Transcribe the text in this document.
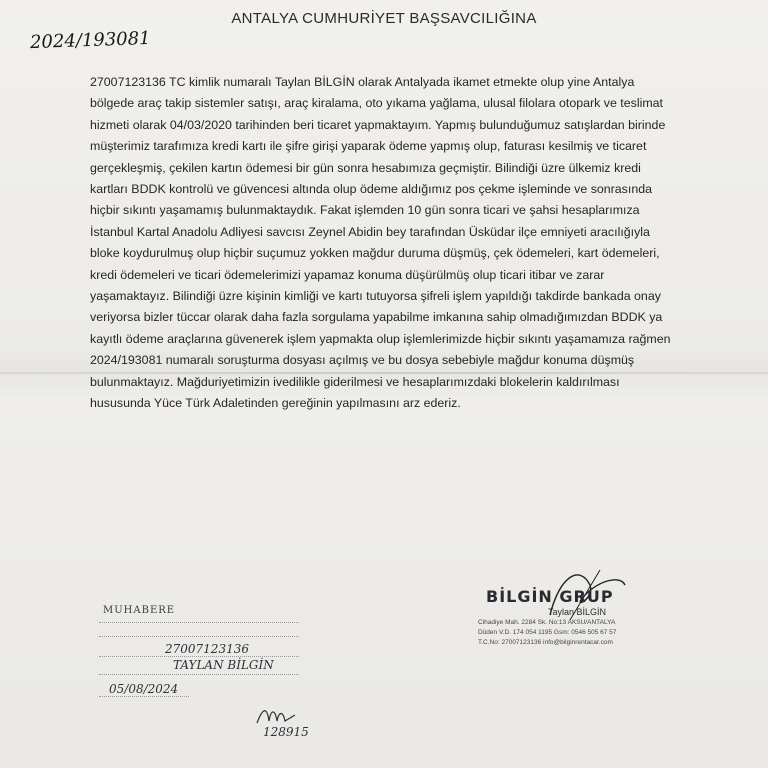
ANTALYA CUMHURİYET BAŞSAVCILIĞINA
2024/193081

27007123136 TC kimlik numaralı Taylan BİLGİN olarak Antalyada ikamet etmekte olup yine Antalya bölgede araç takip sistemler satışı, araç kiralama, oto yıkama yağlama, ulusal filolara otopark ve teslimat hizmeti olarak 04/03/2020 tarihinden beri ticaret yapmaktayım. Yapmış bulunduğumuz satışlardan birinde müşterimiz tarafımıza kredi kartı ile şifre girişi yaparak ödeme yapmış olup, faturası kesilmiş ve ticaret gerçekleşmiş, çekilen kartın ödemesi bir gün sonra hesabımıza geçmiştir. Bilindiği üzre ülkemiz kredi kartları BDDK kontrolü ve güvencesi altında olup ödeme aldığımız pos çekme işleminde ve sonrasında hiçbir sıkıntı yaşamamış bulunmaktaydık. Fakat işlemden 10 gün sonra ticari ve şahsi hesaplarımıza İstanbul Kartal Anadolu Adliyesi savcısı Zeynel Abidin bey tarafından Üsküdar ilçe emniyeti aracılığıyla bloke koydurulmuş olup hiçbir suçumuz yokken mağdur duruma düşmüş, çek ödemeleri, kart ödemeleri, kredi ödemeleri ve ticari ödemelerimizi yapamaz konuma düşürülmüş olup ticari itibar ve zarar yaşamaktayız. Bilindiği üzre kişinin kimliği ve kartı tutuyorsa şifreli işlem yapıldığı takdirde bankada onay veriyorsa bizler tüccar olarak daha fazla sorgulama yapabilme imkanına sahip olmadığımızdan BDDK ya kayıtlı ödeme araçlarına güvenerek işlem yapmakta olup işlemlerimizde hiçbir sıkıntı yaşamamıza rağmen 2024/193081 numaralı soruşturma dosyası açılmış ve bu dosya sebebiyle mağdur konuma düşmüş bulunmaktayız. Mağduriyetimizin ivedilikle giderilmesi ve hesaplarımızdaki blokelerin kaldırılması hususunda Yüce Türk Adaletinden gereğinin yapılmasını arz ederiz.

MUHABERE
27007123136
TAYLAN BİLGİN
05/08/2024
128915
BİLGİN GRUP
Taylan BİLGİN
Cihadiye Mah. 2284 Sk. No:13 AKSU/ANTALYA
Düden V.D. 174 054 1195 Gsm: 0546 505 67 57
T.C.No: 27007123136 info@bilginrentacar.com
